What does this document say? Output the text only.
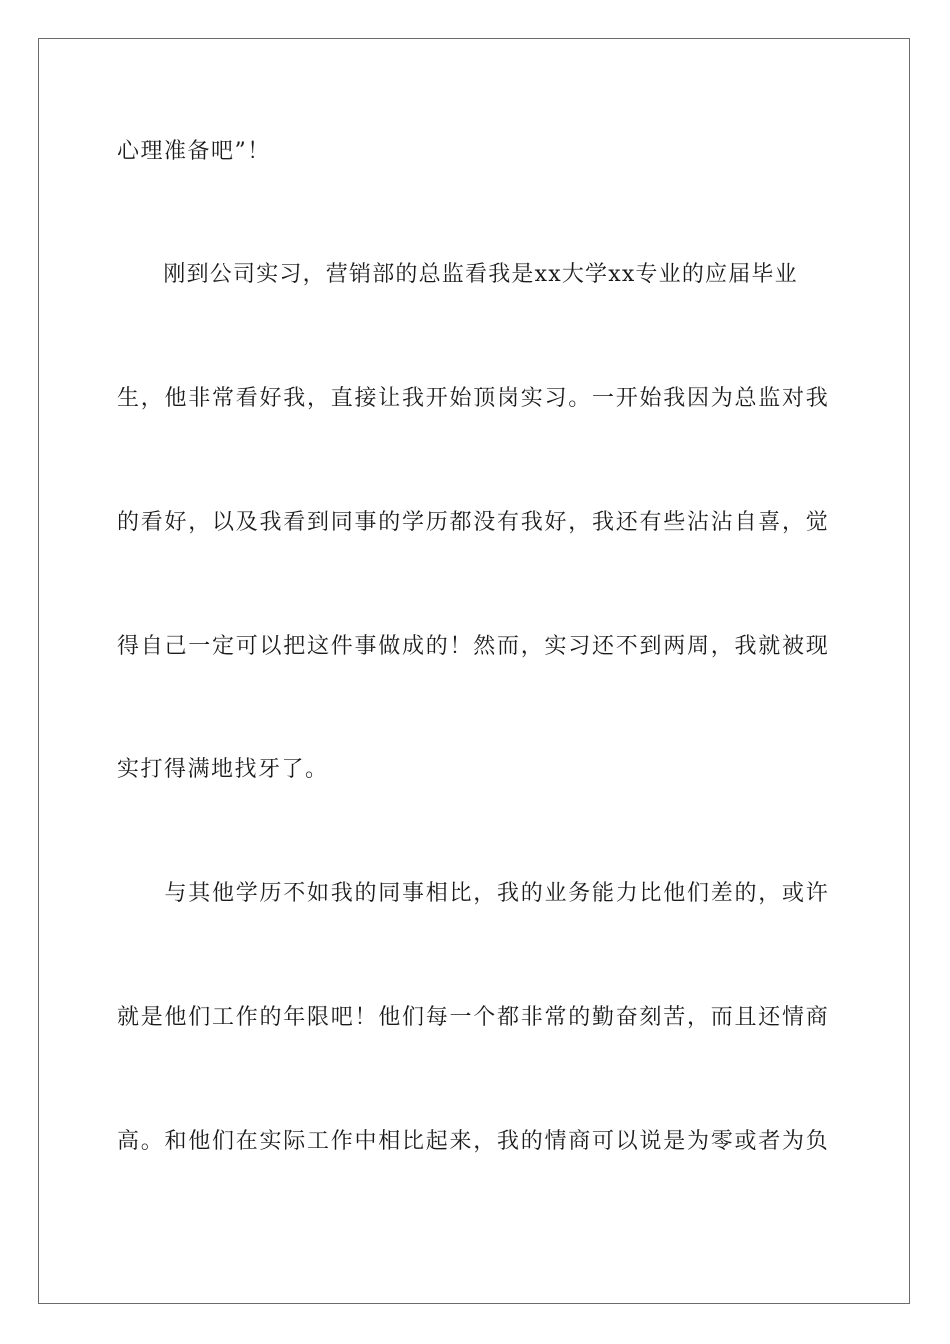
心理准备吧”！
　　刚到公司实习，营销部的总监看我是xx大学xx专业的应届毕业
生，他非常看好我，直接让我开始顶岗实习。一开始我因为总监对我
的看好，以及我看到同事的学历都没有我好，我还有些沾沾自喜，觉
得自己一定可以把这件事做成的！然而，实习还不到两周，我就被现
实打得满地找牙了。
　　与其他学历不如我的同事相比，我的业务能力比他们差的，或许
就是他们工作的年限吧！他们每一个都非常的勤奋刻苦，而且还情商
高。和他们在实际工作中相比起来，我的情商可以说是为零或者为负
